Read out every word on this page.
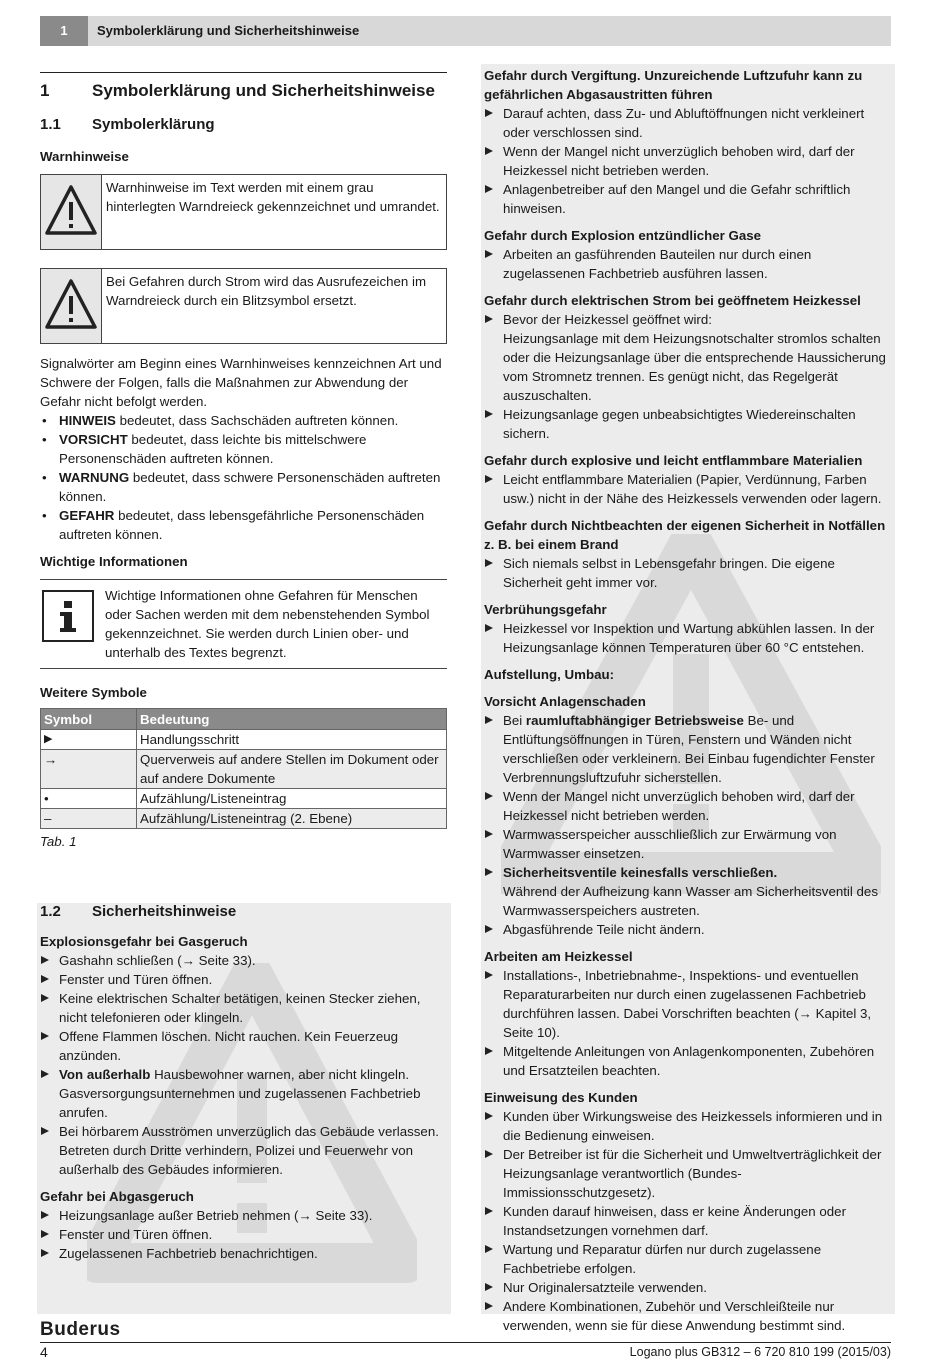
1	Symbolerklärung und Sicherheitshinweise
1	Symbolerklärung und Sicherheitshinweise
1.1 Symbolerklärung
Warnhinweise
Warnhinweise im Text werden mit einem grau hinterlegten Warndreieck gekennzeichnet und umrandet.
Bei Gefahren durch Strom wird das Ausrufezeichen im Warndreieck durch ein Blitzsymbol ersetzt.

Signalwörter am Beginn eines Warnhinweises kennzeichnen Art und Schwere der Folgen, falls die Maßnahmen zur Abwendung der Gefahr nicht befolgt werden.

• HINWEIS bedeutet, dass Sachschäden auftreten können.
• VORSICHT bedeutet, dass leichte bis mittelschwere Personenschäden auftreten können.
• WARNUNG bedeutet, dass schwere Personenschäden auftreten können.
• GEFAHR bedeutet, dass lebensgefährliche Personenschäden auftreten können.
Wichtige Informationen
Wichtige Informationen ohne Gefahren für Menschen oder Sachen werden mit dem nebenstehenden Symbol gekennzeichnet. Sie werden durch Linien ober- und unterhalb des Textes begrenzt.
Weitere Symbole
Symbol	Bedeutung
▶	Handlungsschritt
→	Querverweis auf andere Stellen im Dokument oder auf andere Dokumente
•	Aufzählung/Listeneintrag
–	Aufzählung/Listeneintrag (2. Ebene)
Tab. 1
1.2 Sicherheitshinweise
Explosionsgefahr bei Gasgeruch
Gashahn schließen (→ Seite 33).
Fenster und Türen öffnen.
Keine elektrischen Schalter betätigen, keinen Stecker ziehen, nicht telefonieren oder klingeln.
Offene Flammen löschen. Nicht rauchen. Kein Feuerzeug anzünden.
Von außerhalb Hausbewohner warnen, aber nicht klingeln. Gasversorgungsunternehmen und zugelassenen Fachbetrieb anrufen.
Bei hörbarem Ausströmen unverzüglich das Gebäude verlassen. Betreten durch Dritte verhindern, Polizei und Feuerwehr von außerhalb des Gebäudes informieren.
Gefahr bei Abgasgeruch
Heizungsanlage außer Betrieb nehmen (→ Seite 33).
Fenster und Türen öffnen.
Zugelassenen Fachbetrieb benachrichtigen.
Gefahr durch Vergiftung. Unzureichende Luftzufuhr kann zu gefährlichen Abgasaustritten führen
Darauf achten, dass Zu- und Abluftöffnungen nicht verkleinert oder verschlossen sind.
Wenn der Mangel nicht unverzüglich behoben wird, darf der Heizkessel nicht betrieben werden.
Anlagenbetreiber auf den Mangel und die Gefahr schriftlich hinweisen.
Gefahr durch Explosion entzündlicher Gase
Arbeiten an gasführenden Bauteilen nur durch einen zugelassenen Fachbetrieb ausführen lassen.
Gefahr durch elektrischen Strom bei geöffnetem Heizkessel
Bevor der Heizkessel geöffnet wird:
Heizungsanlage mit dem Heizungsnotschalter stromlos schalten oder die Heizungsanlage über die entsprechende Haussicherung vom Stromnetz trennen. Es genügt nicht, das Regelgerät auszuschalten.
Heizungsanlage gegen unbeabsichtigtes Wiedereinschalten sichern.
Gefahr durch explosive und leicht entflammbare Materialien
Leicht entflammbare Materialien (Papier, Verdünnung, Farben usw.) nicht in der Nähe des Heizkessels verwenden oder lagern.
Gefahr durch Nichtbeachten der eigenen Sicherheit in Notfällen z. B. bei einem Brand
Sich niemals selbst in Lebensgefahr bringen. Die eigene Sicherheit geht immer vor.
Verbrühungsgefahr
Heizkessel vor Inspektion und Wartung abkühlen lassen. In der Heizungsanlage können Temperaturen über 60 °C entstehen.
Aufstellung, Umbau:
Vorsicht Anlagenschaden
Bei raumluftabhängiger Betriebsweise Be- und Entlüftungsöffnungen in Türen, Fenstern und Wänden nicht verschließen oder verkleinern. Bei Einbau fugendichter Fenster Verbrennungsluftzufuhr sicherstellen.
Wenn der Mangel nicht unverzüglich behoben wird, darf der Heizkessel nicht betrieben werden.
Warmwasserspeicher ausschließlich zur Erwärmung von Warmwasser einsetzen.
Sicherheitsventile keinesfalls verschließen.
Während der Aufheizung kann Wasser am Sicherheitsventil des Warmwasserspeichers austreten.
Abgasführende Teile nicht ändern.
Arbeiten am Heizkessel
Installations-, Inbetriebnahme-, Inspektions- und eventuellen Reparaturarbeiten nur durch einen zugelassenen Fachbetrieb durchführen lassen. Dabei Vorschriften beachten (→ Kapitel 3, Seite 10).
Mitgeltende Anleitungen von Anlagenkomponenten, Zubehören und Ersatzteilen beachten.
Einweisung des Kunden
Kunden über Wirkungsweise des Heizkessels informieren und in die Bedienung einweisen.
Der Betreiber ist für die Sicherheit und Umweltverträglichkeit der Heizungsanlage verantwortlich (Bundes-Immissionsschutzgesetz).
Kunden darauf hinweisen, dass er keine Änderungen oder Instandsetzungen vornehmen darf.
Wartung und Reparatur dürfen nur durch zugelassene Fachbetriebe erfolgen.
Nur Originalersatzteile verwenden.
Andere Kombinationen, Zubehör und Verschleißteile nur verwenden, wenn sie für diese Anwendung bestimmt sind.
Buderus
4	Logano plus GB312 – 6 720 810 199 (2015/03)
